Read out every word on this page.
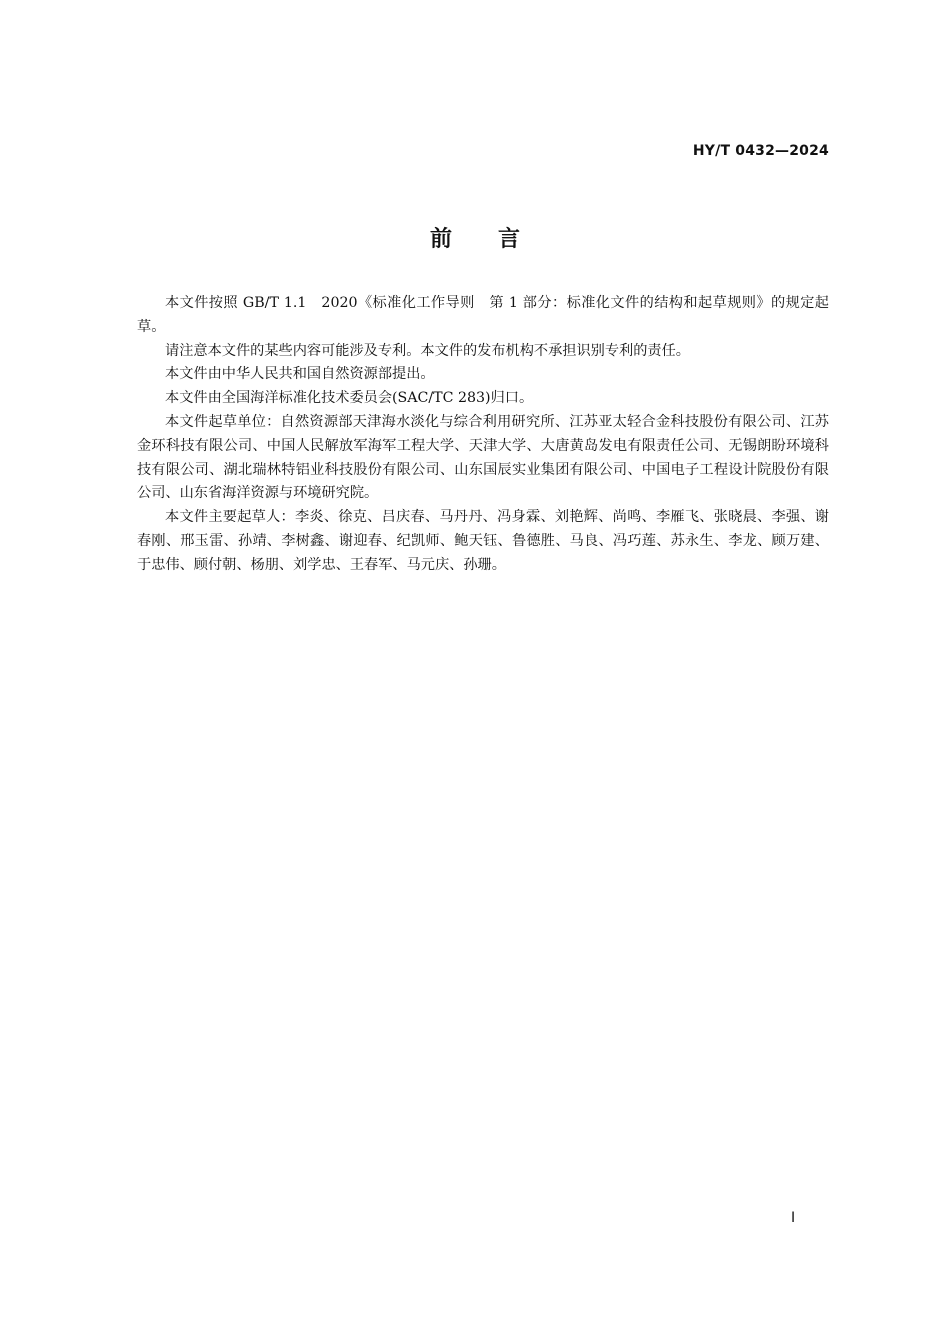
HY/T 0432—2024
前 言

本文件按照 GB/T 1.1　2020《标准化工作导则　第 1 部分：标准化文件的结构和起草规则》的规定起草。

请注意本文件的某些内容可能涉及专利。本文件的发布机构不承担识别专利的责任。

本文件由中华人民共和国自然资源部提出。

本文件由全国海洋标准化技术委员会(SAC/TC 283)归口。

本文件起草单位：自然资源部天津海水淡化与综合利用研究所、江苏亚太轻合金科技股份有限公司、江苏金环科技有限公司、中国人民解放军海军工程大学、天津大学、大唐黄岛发电有限责任公司、无锡朗盼环境科技有限公司、湖北瑞林特铝业科技股份有限公司、山东国辰实业集团有限公司、中国电子工程设计院股份有限公司、山东省海洋资源与环境研究院。

本文件主要起草人：李炎、徐克、吕庆春、马丹丹、冯身霖、刘艳辉、尚鸣、李雁飞、张晓晨、李强、谢春刚、邢玉雷、孙靖、李树鑫、谢迎春、纪凯师、鲍天钰、鲁德胜、马良、冯巧莲、苏永生、李龙、顾万建、于忠伟、顾付朝、杨朋、刘学忠、王春军、马元庆、孙珊。

I
